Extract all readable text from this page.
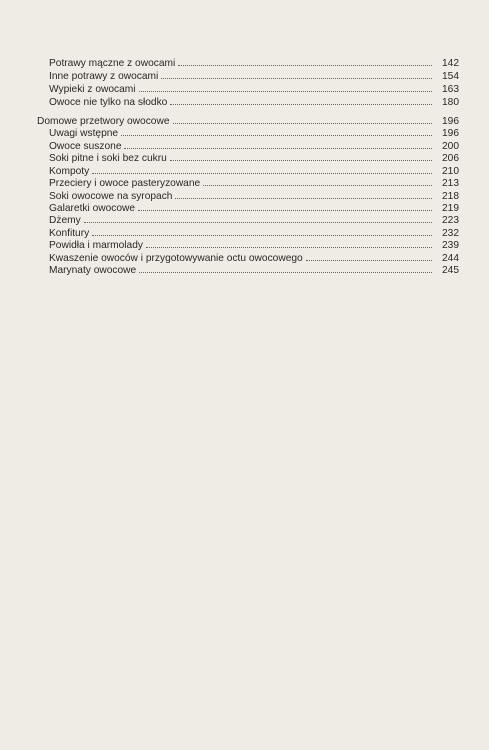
Potrawy mączne z owocami	142
Inne potrawy z owocami	154
Wypieki z owocami	163
Owoce nie tylko na słodko	180
Domowe przetwory owocowe	196
Uwagi wstępne	196
Owoce suszone	200
Soki pitne i soki bez cukru	206
Kompoty	210
Przeciery i owoce pasteryzowane	213
Soki owocowe na syropach	218
Galaretki owocowe	219
Dżemy	223
Konfitury	232
Powidła i marmolady	239
Kwaszenie owoców i przygotowywanie octu owocowego	244
Marynaty owocowe	245
